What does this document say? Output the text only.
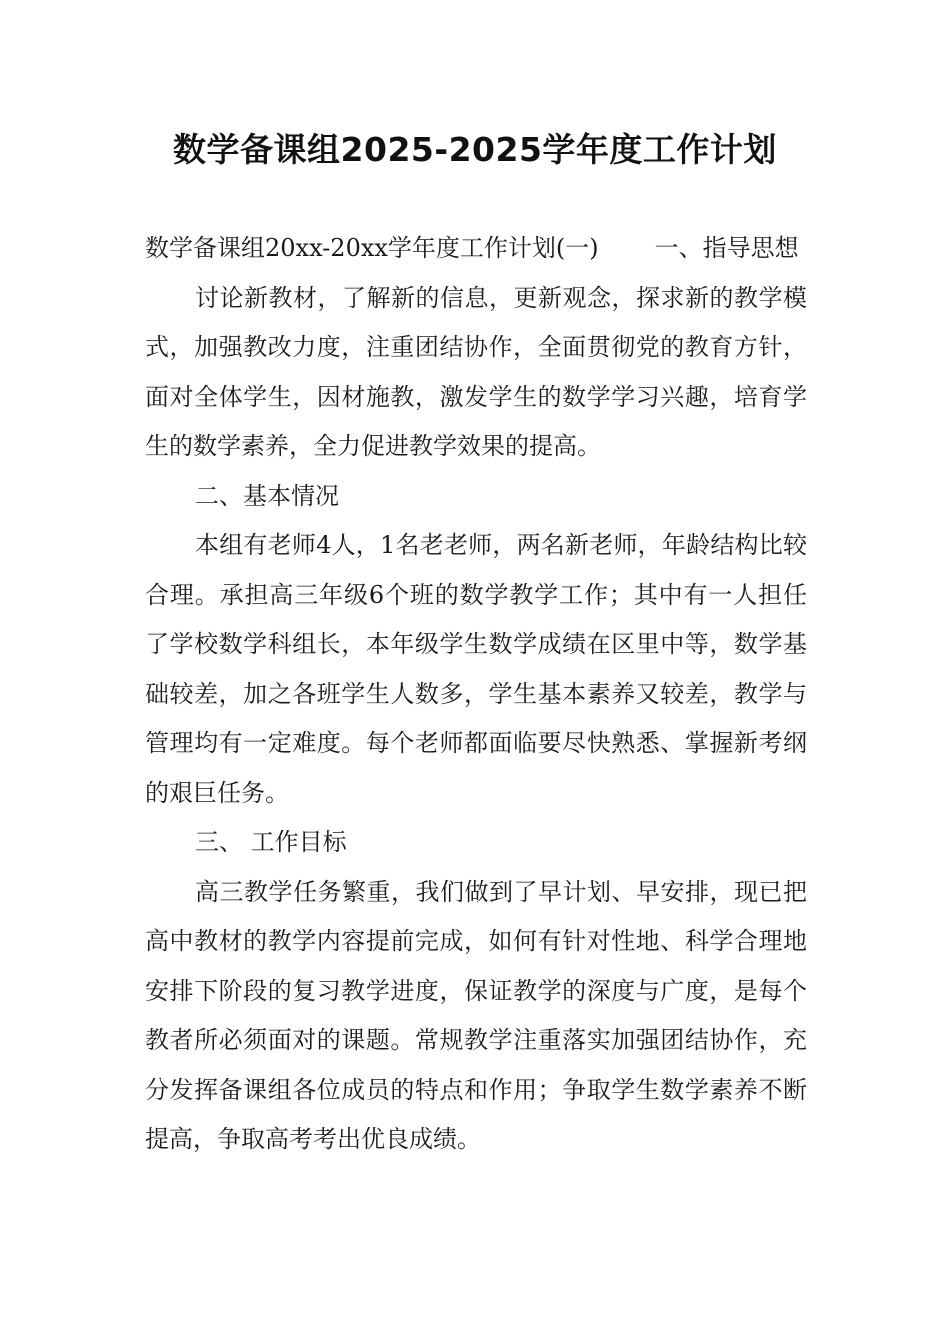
数学备课组2025-2025学年度工作计划

数学备课组20xx-20xx学年度工作计划(一) 一、指导思想

讨论新教材，了解新的信息，更新观念，探求新的教学模式，加强教改力度，注重团结协作，全面贯彻党的教育方针，面对全体学生，因材施教，激发学生的数学学习兴趣，培育学生的数学素养，全力促进教学效果的提高。

二、基本情况

本组有老师4人，1名老老师，两名新老师，年龄结构比较合理。承担高三年级6个班的数学教学工作；其中有一人担任了学校数学科组长，本年级学生数学成绩在区里中等，数学基础较差，加之各班学生人数多，学生基本素养又较差，教学与管理均有一定难度。每个老师都面临要尽快熟悉、掌握新考纲的艰巨任务。

三、 工作目标

高三教学任务繁重，我们做到了早计划、早安排，现已把高中教材的教学内容提前完成，如何有针对性地、科学合理地安排下阶段的复习教学进度，保证教学的深度与广度，是每个教者所必须面对的课题。常规教学注重落实加强团结协作，充分发挥备课组各位成员的特点和作用；争取学生数学素养不断提高，争取高考考出优良成绩。
